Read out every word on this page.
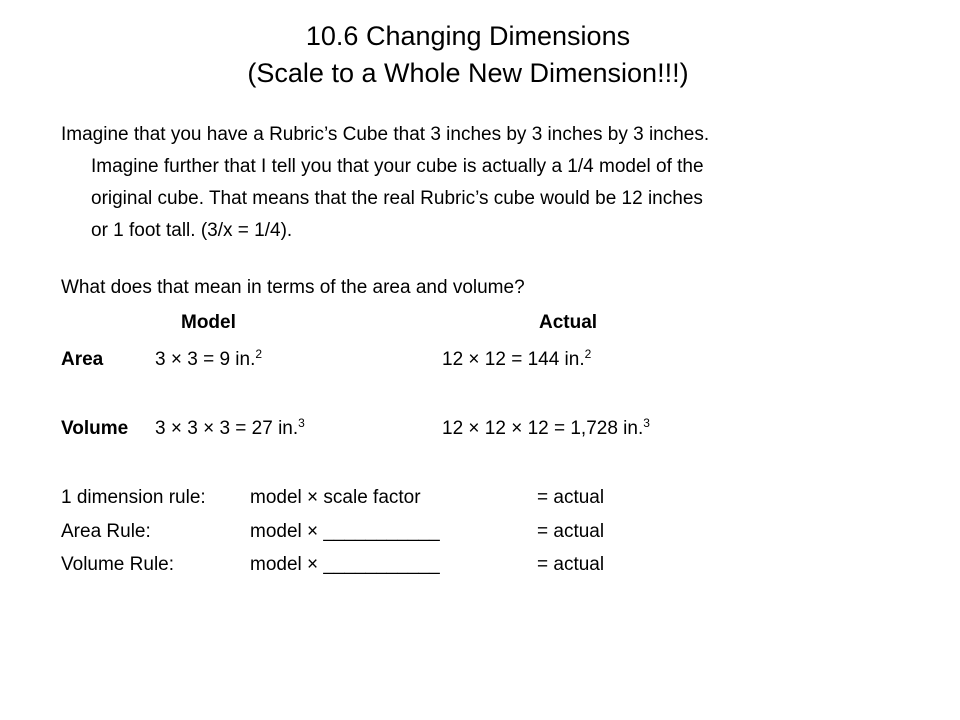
10.6 Changing Dimensions
(Scale to a Whole New Dimension!!!)
Imagine that you have a Rubric’s Cube that 3 inches by 3 inches by 3 inches.
Imagine further that I tell you that your cube is actually a 1/4 model of the
original cube. That means that the real Rubric’s cube would be 12 inches
or 1 foot tall. (3/x = 1/4).
What does that mean in terms of the area and volume?
Model	Actual
Area	3 × 3 = 9 in.$^2$	12 × 12 = 144 in.$^2$
Volume 3 × 3 × 3 = 27 in.$^3$	12 × 12 × 12 = 1,728 in.$^3$
1 dimension rule: model × scale factor	= actual
Area Rule:	model × ___________	= actual
Volume Rule:	model × ___________	= actual
